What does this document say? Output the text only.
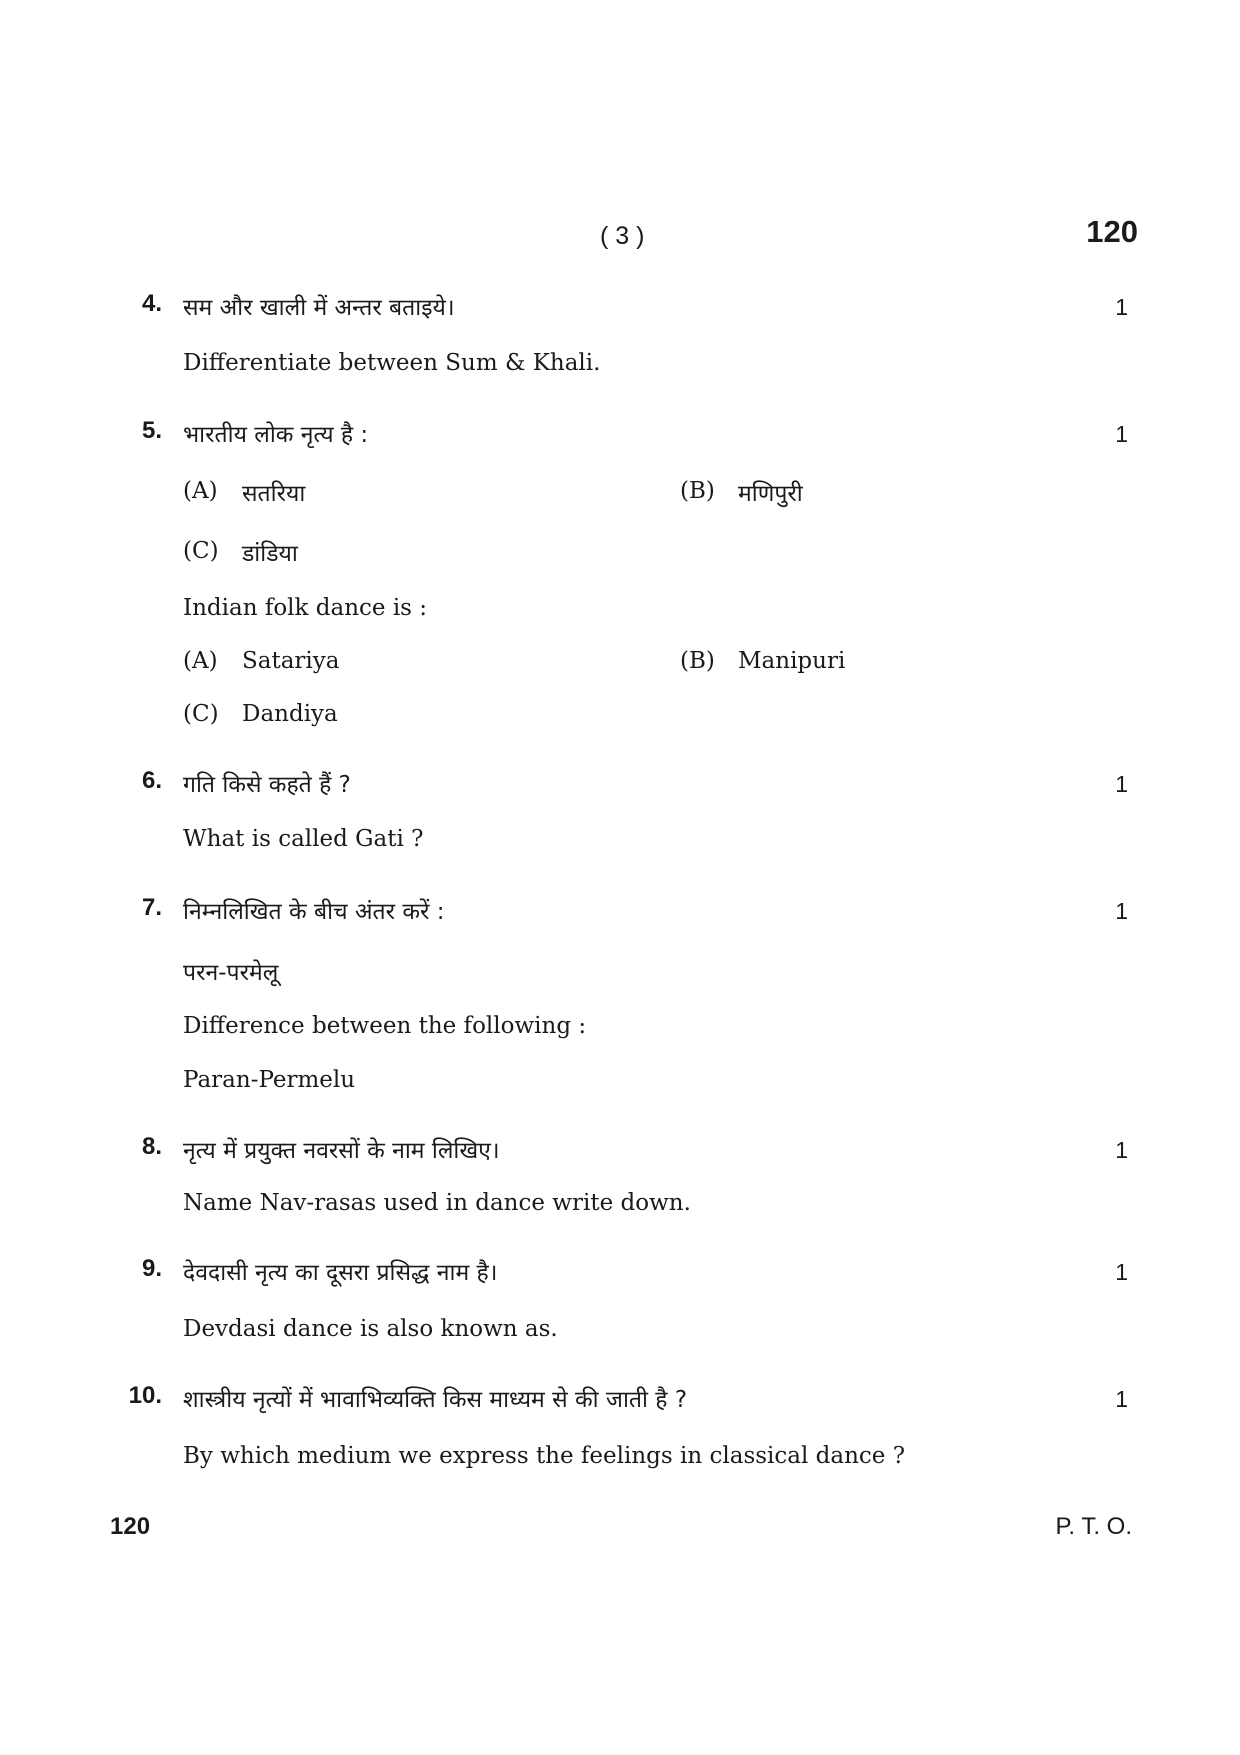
( 3 )	120
4. सम और खाली में अन्तर बताइये।	1
Differentiate between Sum & Khali.
5. भारतीय लोक नृत्य है :	1
(A) सतरिया	(B) मणिपुरी
(C) डांडिया
Indian folk dance is :
(A) Satariya	(B) Manipuri
(C) Dandiya
6. गति किसे कहते हैं ?	1
What is called Gati ?
7. निम्नलिखित के बीच अंतर करें :	1
परन-परमेलू
Difference between the following :
Paran-Permelu
8. नृत्य में प्रयुक्त नवरसों के नाम लिखिए।	1
Name Nav-rasas used in dance write down.
9. देवदासी नृत्य का दूसरा प्रसिद्ध नाम है।	1
Devdasi dance is also known as.
10. शास्त्रीय नृत्यों में भावाभिव्यक्ति किस माध्यम से की जाती है ?	1
By which medium we express the feelings in classical dance ?
120	P. T. O.
